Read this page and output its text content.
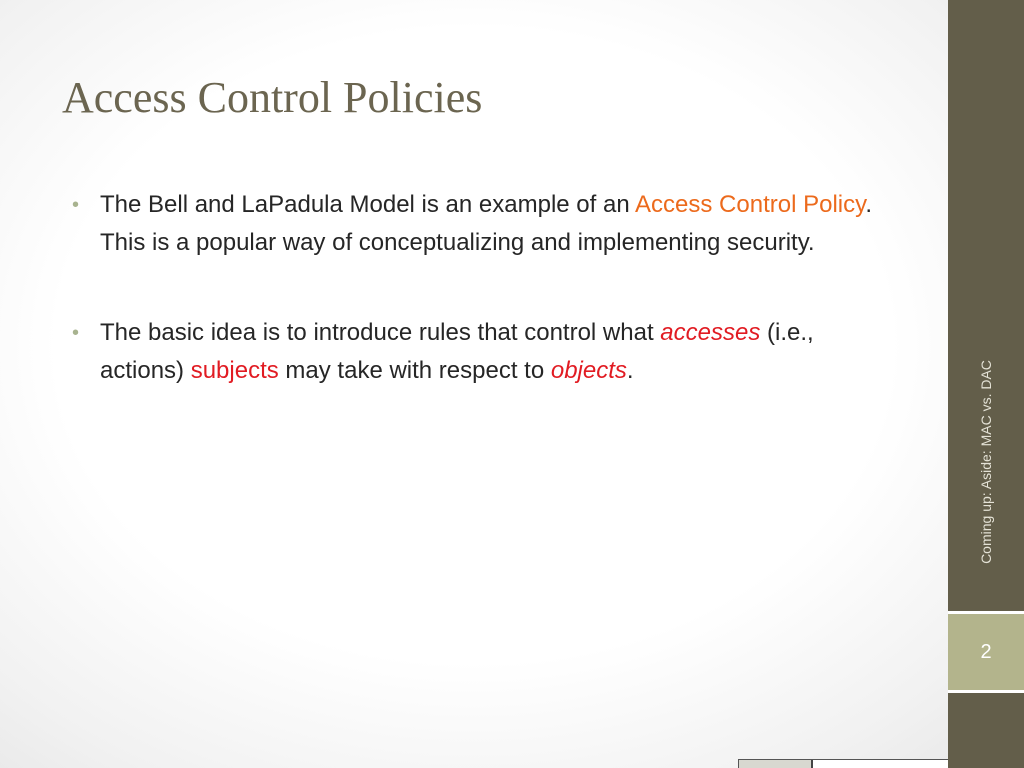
Access Control Policies
• The Bell and LaPadula Model is an example of an Access Control Policy. This is a popular way of conceptualizing and implementing security.
• The basic idea is to introduce rules that control what accesses (i.e., actions) subjects may take with respect to objects.
2
Coming up: Aside: MAC vs. DAC
